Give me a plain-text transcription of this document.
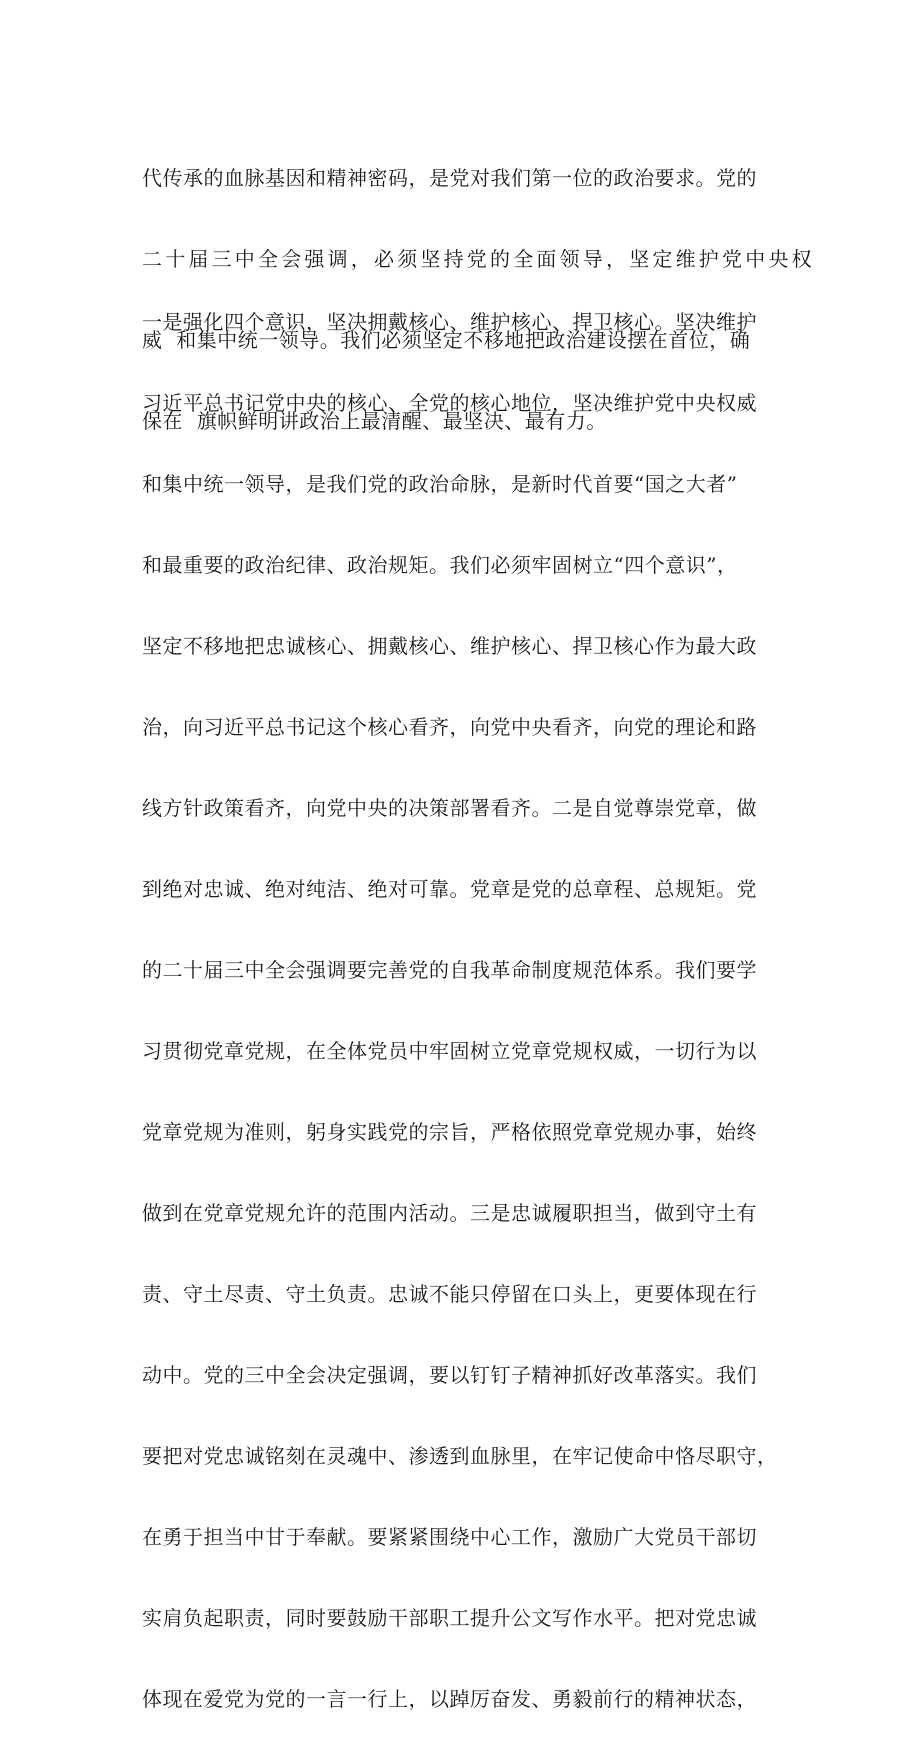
代传承的血脉基因和精神密码，是党对我们第一位的政治要求。党的

二十届三中全会强调，必须坚持党的全面领导，坚定维护党中央权

威  和集中统一领导。我们必须坚定不移地把政治建设摆在首位，确

保在  旗帜鲜明讲政治上最清醒、最坚决、最有力。

一是强化四个意识，坚决拥戴核心、维护核心、捍卫核心。坚决维护

习近平总书记党中央的核心、全党的核心地位，坚决维护党中央权威

和集中统一领导，是我们党的政治命脉，是新时代首要“国之大者”

和最重要的政治纪律、政治规矩。我们必须牢固树立“四个意识”，

坚定不移地把忠诚核心、拥戴核心、维护核心、捍卫核心作为最大政

治，向习近平总书记这个核心看齐，向党中央看齐，向党的理论和路

线方针政策看齐，向党中央的决策部署看齐。二是自觉尊崇党章，做

到绝对忠诚、绝对纯洁、绝对可靠。党章是党的总章程、总规矩。党

的二十届三中全会强调要完善党的自我革命制度规范体系。我们要学

习贯彻党章党规，在全体党员中牢固树立党章党规权威，一切行为以

党章党规为准则，躬身实践党的宗旨，严格依照党章党规办事，始终

做到在党章党规允许的范围内活动。三是忠诚履职担当，做到守土有

责、守土尽责、守土负责。忠诚不能只停留在口头上，更要体现在行

动中。党的三中全会决定强调，要以钉钉子精神抓好改革落实。我们

要把对党忠诚铭刻在灵魂中、渗透到血脉里，在牢记使命中恪尽职守，

在勇于担当中甘于奉献。要紧紧围绕中心工作，激励广大党员干部切

实肩负起职责，同时要鼓励干部职工提升公文写作水平。把对党忠诚

体现在爱党为党的一言一行上，以踔厉奋发、勇毅前行的精神状态，
